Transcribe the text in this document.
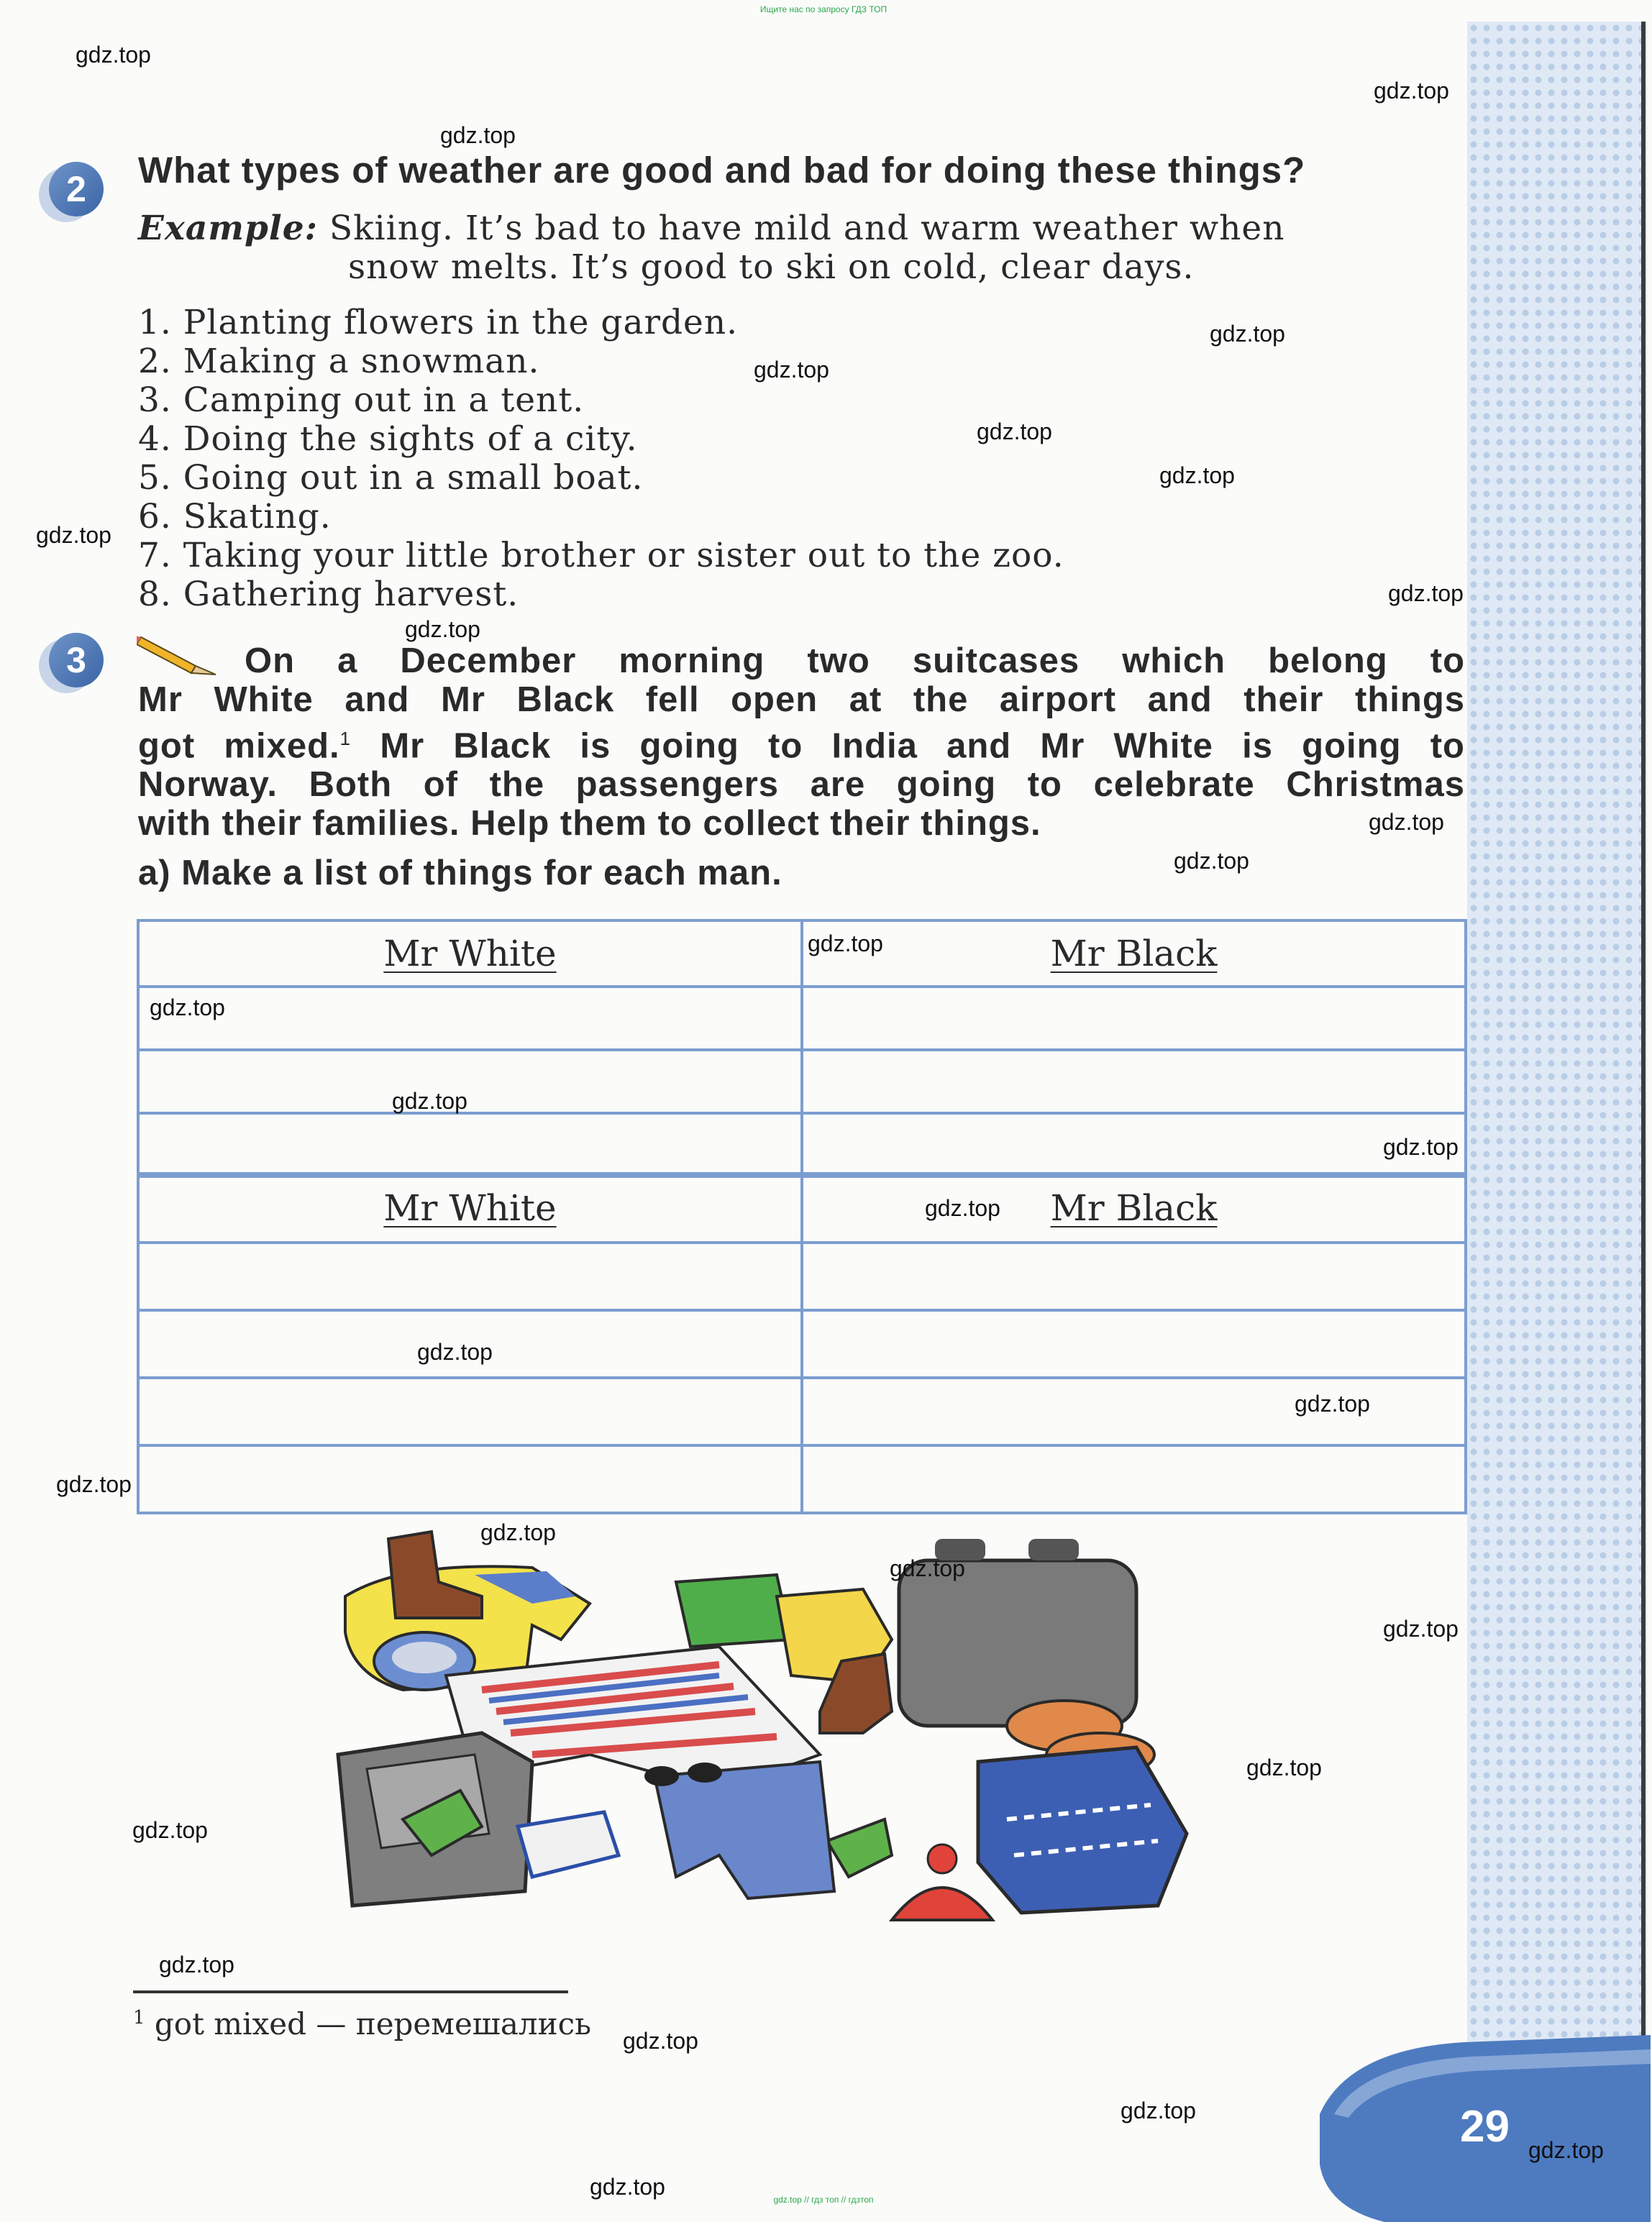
Ищите нас по запросу ГДЗ ТОП
29
2	What types of weather are good and bad for doing these things?
Example: Skiing. It’s bad to have mild and warm weather when
snow melts. It’s good to ski on cold, clear days.
1. Planting flowers in the garden.
2. Making a snowman.
3. Camping out in a tent.
4. Doing the sights of a city.
5. Going out in a small boat.
6. Skating.
7. Taking your little brother or sister out to the zoo.
8. Gathering harvest.
3	On a December morning two suitcases which belong to
Mr White and Mr Black fell open at the airport and their things
got mixed.$^1$ Mr Black is going to India and Mr White is going to
Norway. Both of the passengers are going to celebrate Christmas
with their families. Help them to collect their things.
a) Make a list of things for each man.
Mr White	Mr Black

Mr White	Mr Black

$^1$ got mixed — перемешались
gdz.top
gdz.top
gdz.top
gdz.top
gdz.top
gdz.top
gdz.top
gdz.top
gdz.top
gdz.top
gdz.top
gdz.top
gdz.top
gdz.top
gdz.top
gdz.top
gdz.top
gdz.top
gdz.top
gdz.top
gdz.top
gdz.top
gdz.top
gdz.top
gdz.top
gdz.top
gdz.top
gdz.top
gdz.top
gdz.top	gdz.top // гдз топ // гдзтоп
